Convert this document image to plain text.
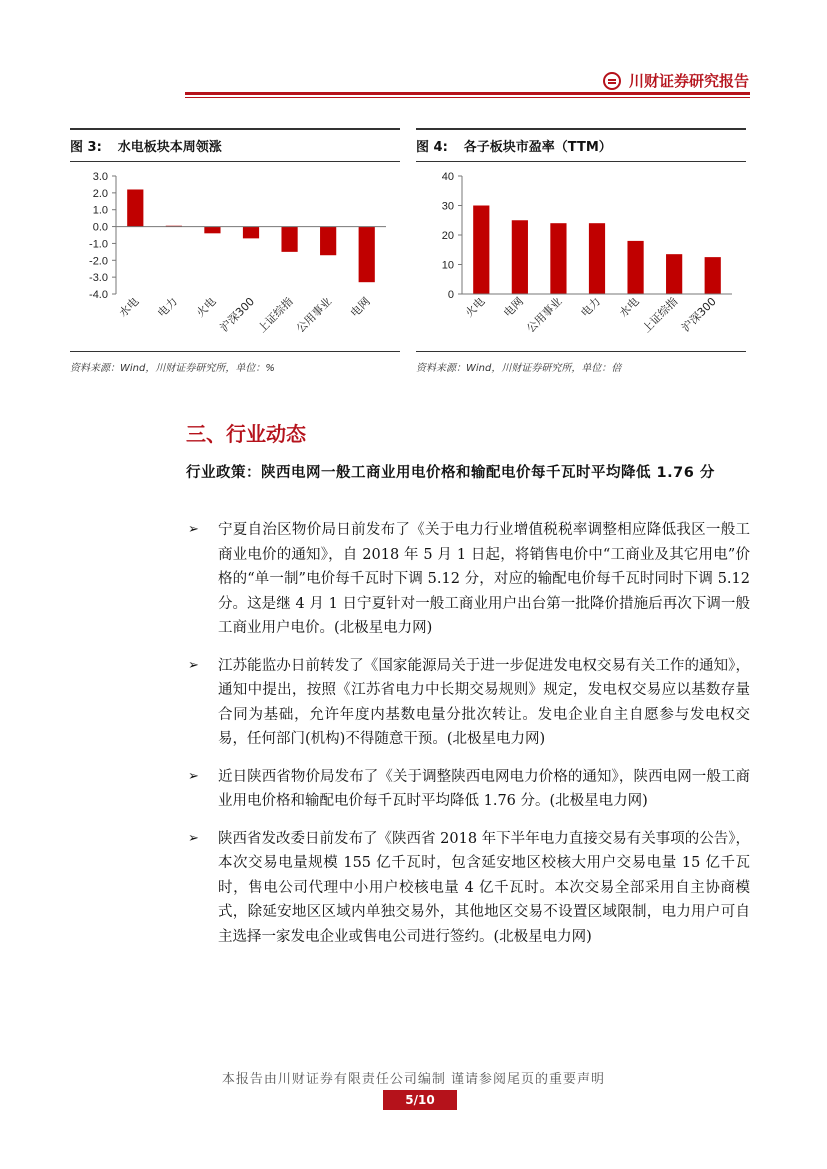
川财证券研究报告
图 3: 水电板块本周领涨
3.0
2.0
1.0
0.0
-1.0
-2.0
-3.0
-4.0 水电 电力 火电
沪深300
上证综指
公用事业 电网
资料来源：Wind，川财证券研究所，单位：%
图 4: 各子板块市盈率（TTM）
40
30
20
10
0 火电 电网
公用事业 电力 水电
上证综指
沪深300
资料来源：Wind，川财证券研究所，单位：倍
三、行业动态
行业政策：陕西电网一般工商业用电价格和输配电价每千瓦时平均降低 1.76 分
➢ 宁夏自治区物价局日前发布了《关于电力行业增值税税率调整相应降低我区一般工商业电价的通知》，自 2018 年 5 月 1 日起，将销售电价中“工商业及其它用电”价格的“单一制”电价每千瓦时下调 5.12 分，对应的输配电价每千瓦时同时下调 5.12 分。这是继 4 月 1 日宁夏针对一般工商业用户出台第一批降价措施后再次下调一般工商业用户电价。(北极星电力网)
➢ 江苏能监办日前转发了《国家能源局关于进一步促进发电权交易有关工作的通知》，通知中提出，按照《江苏省电力中长期交易规则》规定，发电权交易应以基数存量合同为基础，允许年度内基数电量分批次转让。发电企业自主自愿参与发电权交易，任何部门(机构)不得随意干预。(北极星电力网)
➢ 近日陕西省物价局发布了《关于调整陕西电网电力价格的通知》，陕西电网一般工商业用电价格和输配电价每千瓦时平均降低 1.76 分。(北极星电力网)
➢ 陕西省发改委日前发布了《陕西省 2018 年下半年电力直接交易有关事项的公告》，本次交易电量规模 155 亿千瓦时，包含延安地区校核大用户交易电量 15 亿千瓦时，售电公司代理中小用户校核电量 4 亿千瓦时。本次交易全部采用自主协商模式，除延安地区区域内单独交易外，其他地区交易不设置区域限制，电力用户可自主选择一家发电企业或售电公司进行签约。(北极星电力网)
本报告由川财证券有限责任公司编制 谨请参阅尾页的重要声明
5/10
